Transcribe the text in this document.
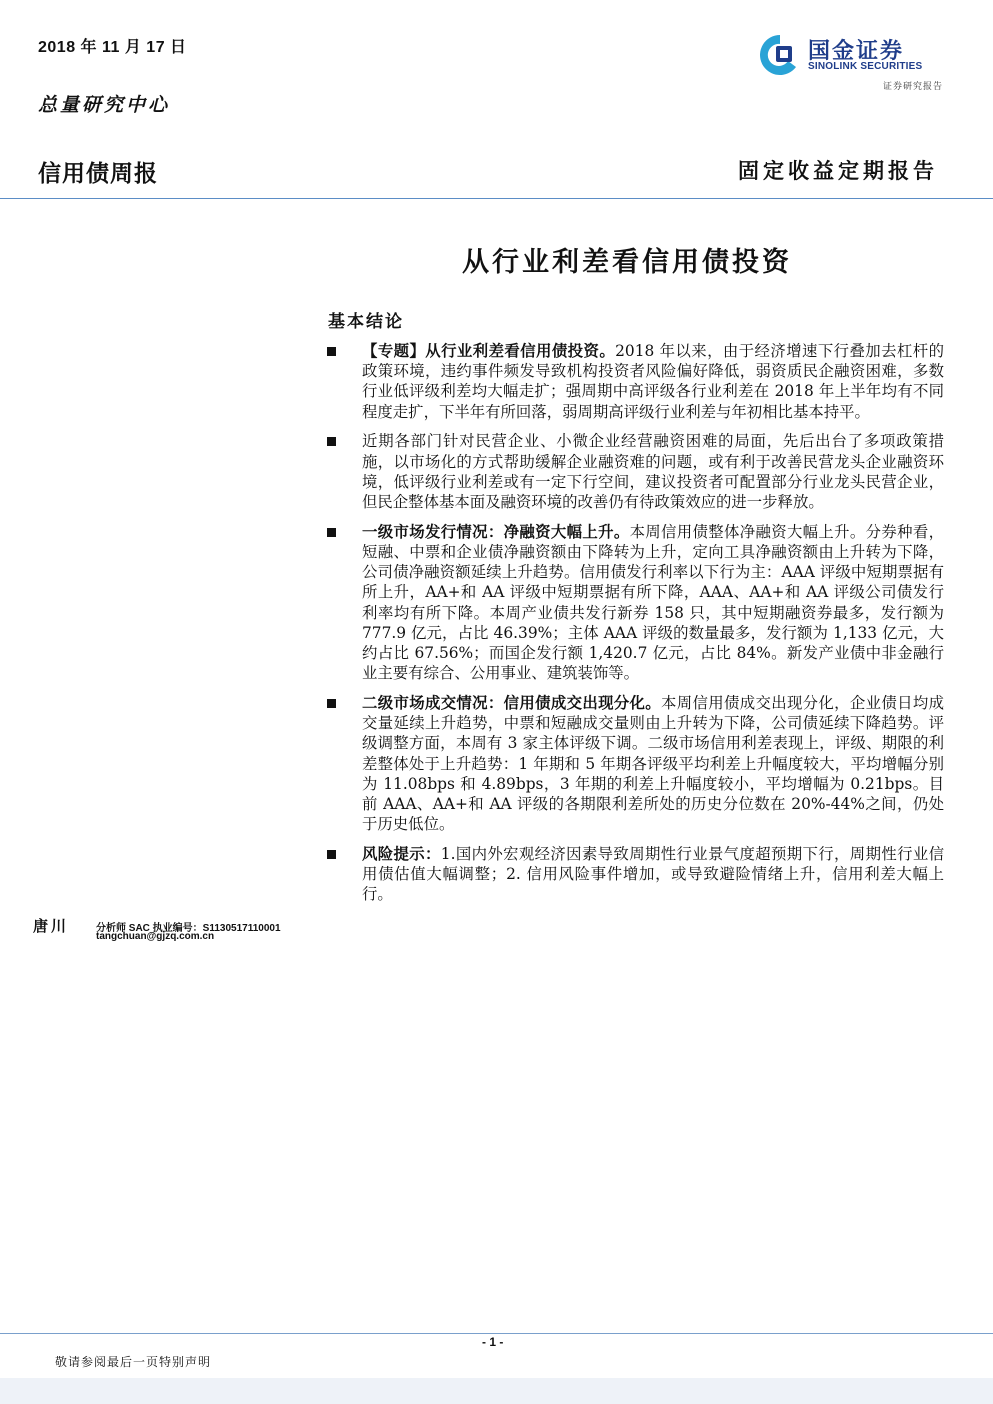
2018 年 11 月 17 日
总量研究中心
信用债周报	固定收益定期报告
国金证券
SINOLINK SECURITIES
证券研究报告
从行业利差看信用债投资
基本结论
【专题】从行业利差看信用债投资。2018 年以来，由于经济增速下行叠加去杠杆的政策环境，违约事件频发导致机构投资者风险偏好降低，弱资质民企融资困难，多数行业低评级利差均大幅走扩；强周期中高评级各行业利差在 2018 年上半年均有不同程度走扩，下半年有所回落，弱周期高评级行业利差与年初相比基本持平。
近期各部门针对民营企业、小微企业经营融资困难的局面，先后出台了多项政策措施，以市场化的方式帮助缓解企业融资难的问题，或有利于改善民营龙头企业融资环境，低评级行业利差或有一定下行空间，建议投资者可配置部分行业龙头民营企业，但民企整体基本面及融资环境的改善仍有待政策效应的进一步释放。
一级市场发行情况：净融资大幅上升。本周信用债整体净融资大幅上升。分券种看，短融、中票和企业债净融资额由下降转为上升，定向工具净融资额由上升转为下降，公司债净融资额延续上升趋势。信用债发行利率以下行为主：AAA 评级中短期票据有所上升，AA+和 AA 评级中短期票据有所下降，AAA、AA+和 AA 评级公司债发行利率均有所下降。本周产业债共发行新券 158 只，其中短期融资券最多，发行额为 777.9 亿元，占比 46.39%；主体 AAA 评级的数量最多，发行额为 1,133 亿元，大约占比 67.56%；而国企发行额 1,420.7 亿元，占比 84%。新发产业债中非金融行业主要有综合、公用事业、建筑装饰等。
二级市场成交情况：信用债成交出现分化。本周信用债成交出现分化，企业债日均成交量延续上升趋势，中票和短融成交量则由上升转为下降，公司债延续下降趋势。评级调整方面，本周有 3 家主体评级下调。二级市场信用利差表现上，评级、期限的利差整体处于上升趋势：1 年期和 5 年期各评级平均利差上升幅度较大，平均增幅分别为 11.08bps 和 4.89bps，3 年期的利差上升幅度较小，平均增幅为 0.21bps。目前 AAA、AA+和 AA 评级的各期限利差所处的历史分位数在 20%-44%之间，仍处于历史低位。
风险提示：1.国内外宏观经济因素导致周期性行业景气度超预期下行，周期性行业信用债估值大幅调整；2. 信用风险事件增加，或导致避险情绪上升，信用利差大幅上行。
唐川	分析师 SAC 执业编号：S1130517110001
tangchuan@gjzq.com.cn
- 1 -
敬请参阅最后一页特别声明
